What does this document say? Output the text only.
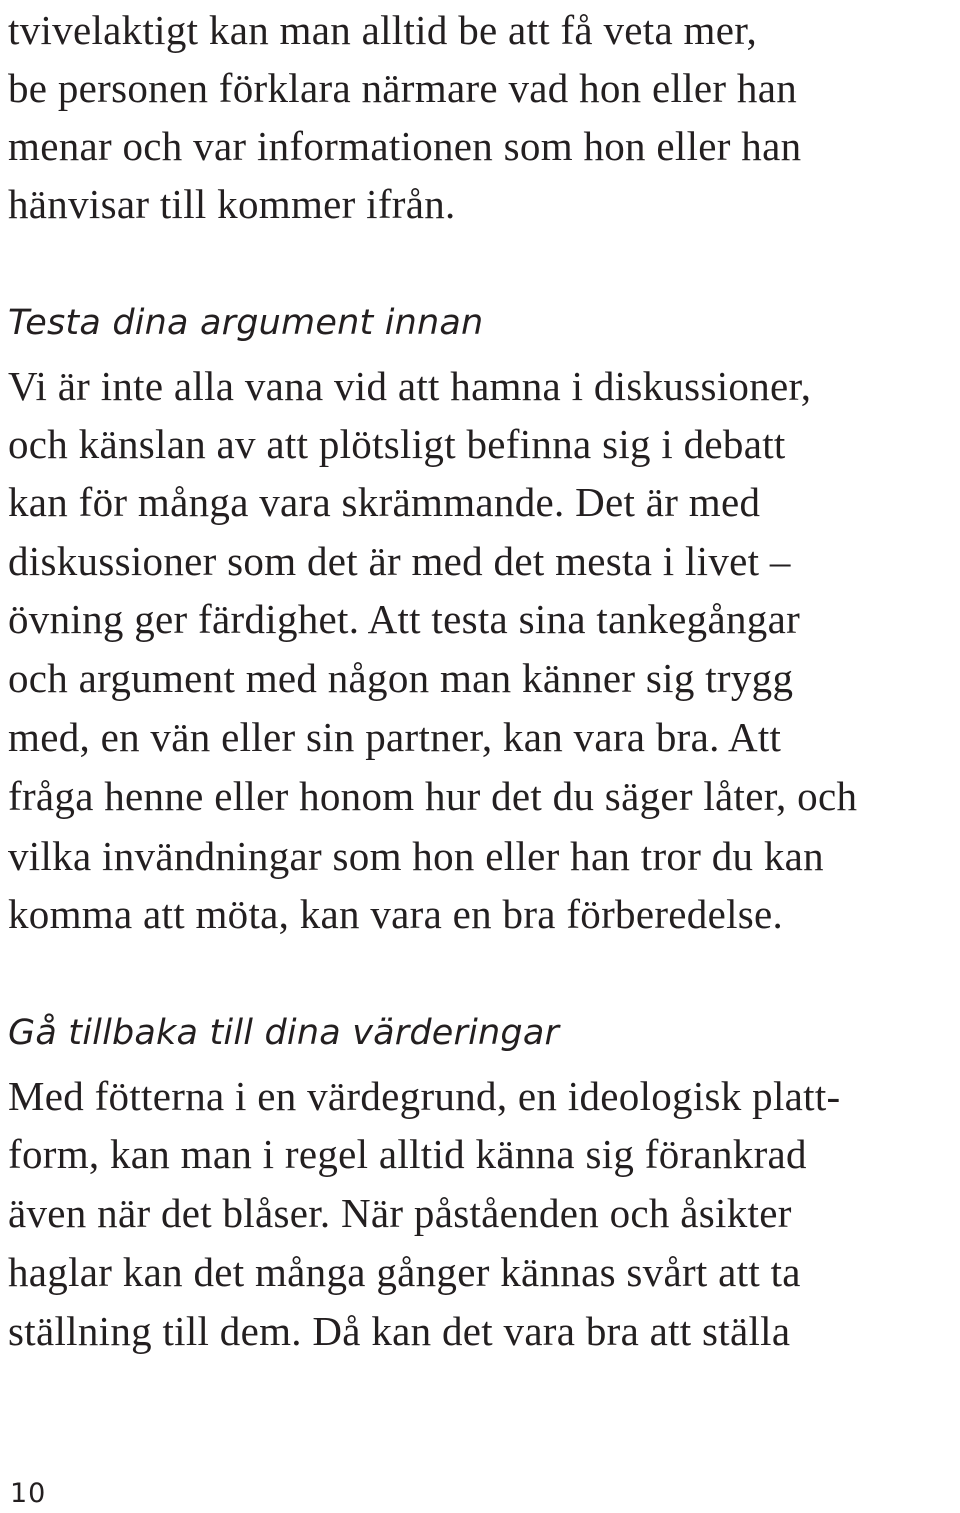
tvivelaktigt kan man alltid be att få veta mer,
be personen förklara närmare vad hon eller han
menar och var informationen som hon eller han
hänvisar till kommer ifrån.
Testa dina argument innan
Vi är inte alla vana vid att hamna i diskussioner,
och känslan av att plötsligt befinna sig i debatt
kan för många vara skrämmande. Det är med
diskussioner som det är med det mesta i livet –
övning ger färdighet. Att testa sina tankegångar
och argument med någon man känner sig trygg
med, en vän eller sin partner, kan vara bra. Att
fråga henne eller honom hur det du säger låter, och
vilka invändningar som hon eller han tror du kan
komma att möta, kan vara en bra förberedelse.
Gå tillbaka till dina värderingar
Med fötterna i en värdegrund, en ideologisk platt-
form, kan man i regel alltid känna sig förankrad
även när det blåser. När påståenden och åsikter
haglar kan det många gånger kännas svårt att ta
ställning till dem. Då kan det vara bra att ställa
10
